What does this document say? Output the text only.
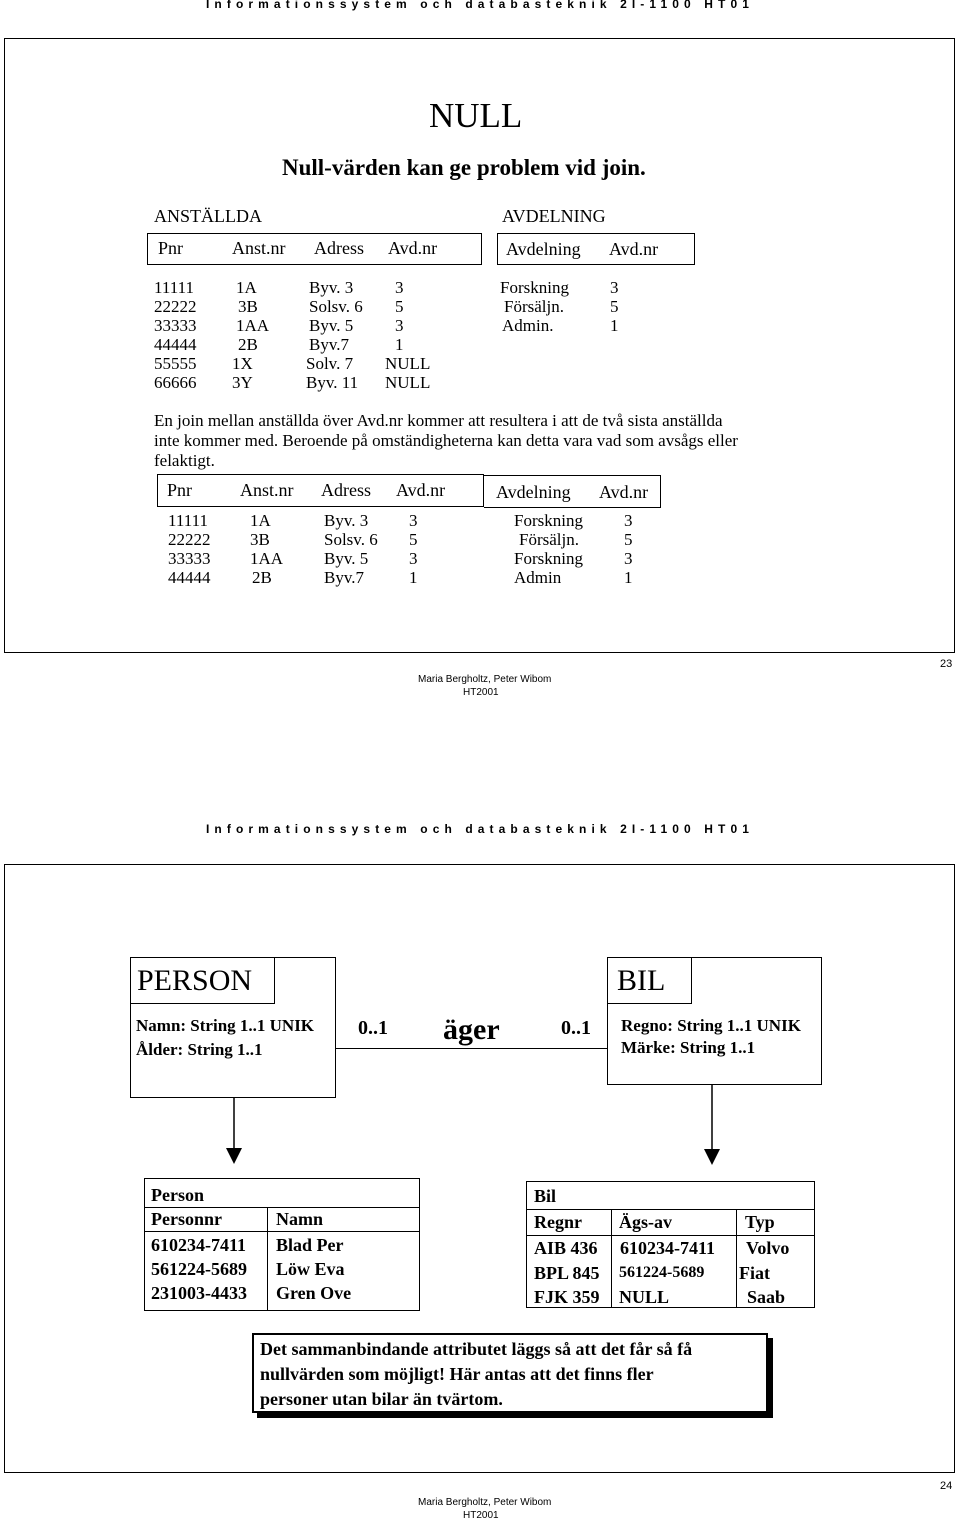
Informationssystem och databasteknik 2I-1100 HT01
NULL
Null-värden kan ge problem vid join.
ANSTÄLLDA	AVDELNING
Pnr	Anst.nr Adress Avd.nr	Avdelning Avd.nr
11111 1A	Byv. 3 3
22222 3B	Solsv. 6 5
33333 1AA Byv. 5 3
44444 2B	Byv.7	1
55555 1X	Solv. 7 NULL
66666 3Y	Byv. 11 NULL
Forskning 3
Försäljn.	5
Admin.	1
En join mellan anställda över Avd.nr kommer att resultera i att de två sista anställda
inte kommer med. Beroende på omständigheterna kan detta vara vad som avsågs eller
felaktigt.
Pnr	Anst.nr Adress Avd.nr	Avdelning Avd.nr
11111 1A	Byv. 3 3	Forskning 3
22222 3B	Solsv. 6 5	Försäljn.	5
33333 1AA Byv. 5 3	Forskning 3
44444 2B	Byv.7	1	Admin	1
23
Maria Bergholtz, Peter Wibom
HT2001
Informationssystem och databasteknik 2I-1100 HT01
PERSON
Namn: String 1..1 UNIK
Ålder: String 1..1
BIL
Regno: String 1..1 UNIK
Märke: String 1..1
0..1 äger	0..1
Person
Personnr	Namn
610234-7411 Blad Per
561224-5689 Löw Eva
231003-4433 Gren Ove
Bil
Regnr Ägs-av	Typ
AIB 436 610234-7411 Volvo
BPL 845 561224-5689 Fiat
FJK 359 NULL	Saab
Det sammanbindande attributet läggs så att det får så få
nullvärden som möjligt! Här antas att det finns fler
personer utan bilar än tvärtom.
24
Maria Bergholtz, Peter Wibom
HT2001
